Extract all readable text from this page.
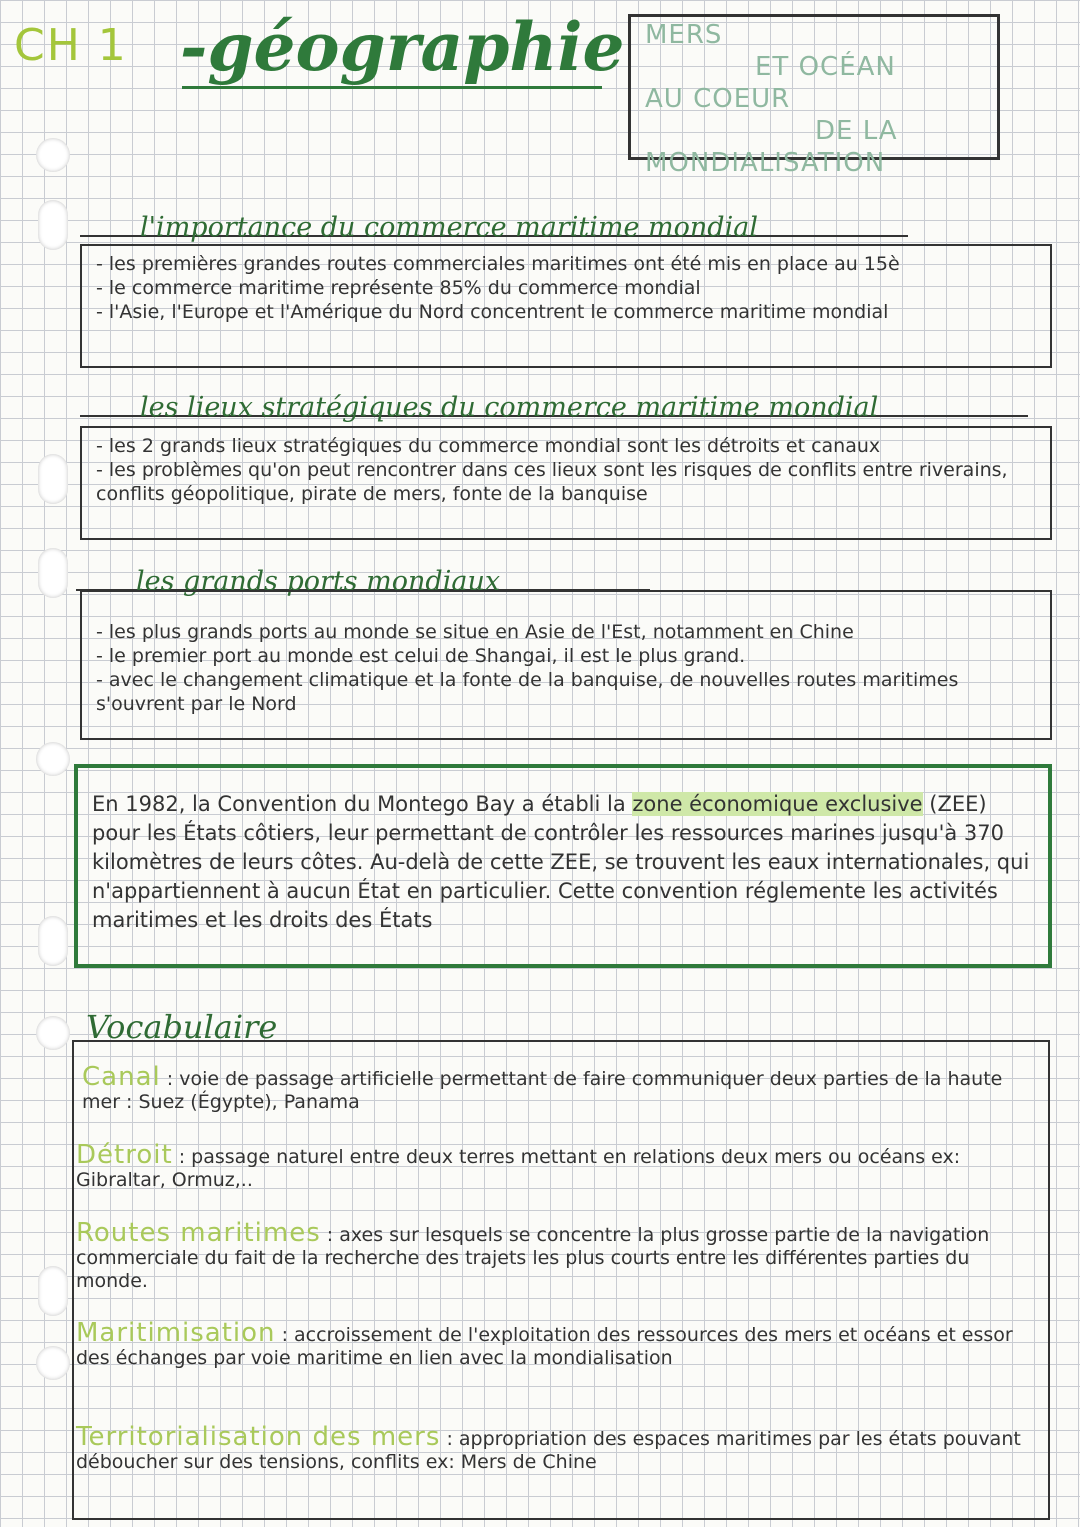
CH 1 -géographie MERS
ET OCÉAN
AU COEUR
DE LA
MONDIALISATION
l'importance du commerce maritime mondial
- les premières grandes routes commerciales maritimes ont été mis en place au 15è
- le commerce maritime représente 85% du commerce mondial
- l'Asie, l'Europe et l'Amérique du Nord concentrent le commerce maritime mondial
les lieux stratégiques du commerce maritime mondial
- les 2 grands lieux stratégiques du commerce mondial sont les détroits et canaux
- les problèmes qu'on peut rencontrer dans ces lieux sont les risques de conflits entre riverains, conflits géopolitique, pirate de mers, fonte de la banquise
les grands ports mondiaux
- les plus grands ports au monde se situe en Asie de l'Est, notamment en Chine
- le premier port au monde est celui de Shangai, il est le plus grand.
- avec le changement climatique et la fonte de la banquise, de nouvelles routes maritimes s'ouvrent par le Nord
En 1982, la Convention du Montego Bay a établi la zone économique exclusive (ZEE) pour les États côtiers, leur permettant de contrôler les ressources marines jusqu'à 370 kilomètres de leurs côtes. Au-delà de cette ZEE, se trouvent les eaux internationales, qui n'appartiennent à aucun État en particulier. Cette convention réglemente les activités maritimes et les droits des États
Vocabulaire
Canal : voie de passage artificielle permettant de faire communiquer deux parties de la haute mer : Suez (Égypte), Panama
Détroit : passage naturel entre deux terres mettant en relations deux mers ou océans ex: Gibraltar, Ormuz,..
Routes maritimes : axes sur lesquels se concentre la plus grosse partie de la navigation commerciale du fait de la recherche des trajets les plus courts entre les différentes parties du monde.
Maritimisation : accroissement de l'exploitation des ressources des mers et océans et essor des échanges par voie maritime en lien avec la mondialisation
Territorialisation des mers : appropriation des espaces maritimes par les états pouvant déboucher sur des tensions, conflits ex: Mers de Chine
